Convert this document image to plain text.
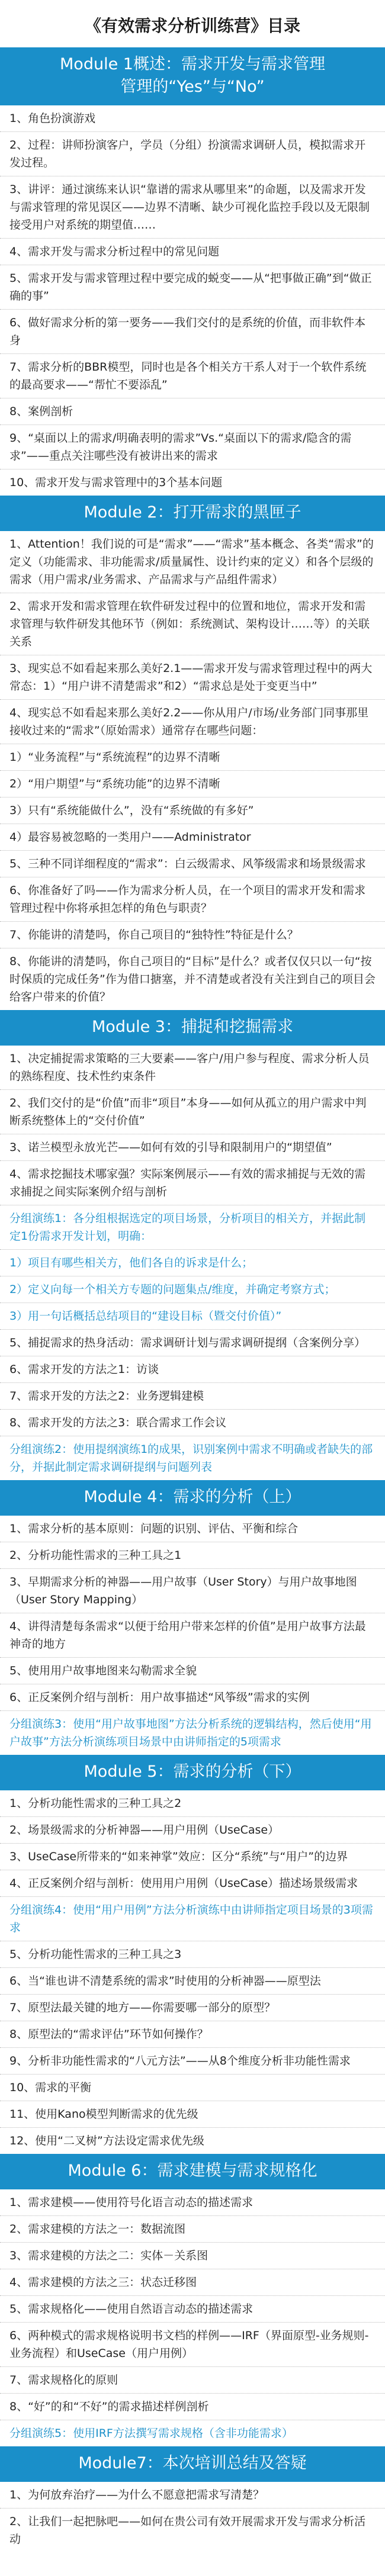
《有效需求分析训练营》目录
Module 1概述：需求开发与需求管理
管理的“Yes”与“No”
1、角色扮演游戏
2、过程：讲师扮演客户，学员（分组）扮演需求调研人员，模拟需求开发过程。
3、讲评：通过演练来认识“靠谱的需求从哪里来”的命题，以及需求开发与需求管理的常见误区——边界不清晰、缺少可视化监控手段以及无限制接受用户对系统的期望值……
4、需求开发与需求分析过程中的常见问题
5、需求开发与需求管理过程中要完成的蜕变——从“把事做正确”到“做正确的事”
6、做好需求分析的第一要务——我们交付的是系统的价值，而非软件本身
7、需求分析的BBR模型，同时也是各个相关方干系人对于一个软件系统的最高要求——“帮忙不要添乱”
8、案例剖析
9、“桌面以上的需求/明确表明的需求”Vs.“桌面以下的需求/隐含的需求”——重点关注哪些没有被讲出来的需求
10、需求开发与需求管理中的3个基本问题
Module 2：打开需求的黑匣子
1、Attention！我们说的可是“需求”——“需求”基本概念、各类“需求”的定义（功能需求、非功能需求/质量属性、设计约束的定义）和各个层级的需求（用户需求/业务需求、产品需求与产品组件需求）
2、需求开发和需求管理在软件研发过程中的位置和地位，需求开发和需求管理与软件研发其他环节（例如：系统测试、架构设计……等）的关联关系
3、现实总不如看起来那么美好2.1——需求开发与需求管理过程中的两大常态：1）“用户讲不清楚需求”和2）“需求总是处于变更当中”
4、现实总不如看起来那么美好2.2——你从用户/市场/业务部门同事那里接收过来的“需求”（原始需求）通常存在哪些问题：
1）“业务流程”与“系统流程”的边界不清晰
2）“用户期望”与“系统功能”的边界不清晰
3）只有“系统能做什么”，没有“系统做的有多好”
4）最容易被忽略的一类用户——Administrator
5、三种不同详细程度的“需求”：白云级需求、风筝级需求和场景级需求
6、你准备好了吗——作为需求分析人员，在一个项目的需求开发和需求管理过程中你将承担怎样的角色与职责？
7、你能讲的清楚吗，你自己项目的“独特性”特征是什么？
8、你能讲的清楚吗，你自己项目的“目标”是什么？或者仅仅只以一句“按时保质的完成任务”作为借口搪塞，并不清楚或者没有关注到自己的项目会给客户带来的价值？
Module 3：捕捉和挖掘需求
1、决定捕捉需求策略的三大要素——客户/用户参与程度、需求分析人员的熟练程度、技术性约束条件
2、我们交付的是“价值”而非“项目”本身——如何从孤立的用户需求中判断系统整体上的“交付价值”
3、诺兰模型永放光芒——如何有效的引导和限制用户的“期望值”
4、需求挖掘技术哪家强？实际案例展示——有效的需求捕捉与无效的需求捕捉之间实际案例介绍与剖析
分组演练1：各分组根据选定的项目场景，分析项目的相关方，并据此制定1份需求开发计划，明确：
1）项目有哪些相关方，他们各自的诉求是什么；
2）定义向每一个相关方专题的问题集点/维度，并确定考察方式；
3）用一句话概括总结项目的“建设目标（暨交付价值）”
5、捕捉需求的热身活动：需求调研计划与需求调研提纲（含案例分享）
6、需求开发的方法之1：访谈
7、需求开发的方法之2：业务逻辑建模
8、需求开发的方法之3：联合需求工作会议
分组演练2：使用提纲演练1的成果，识别案例中需求不明确或者缺失的部分，并据此制定需求调研提纲与问题列表
Module 4：需求的分析（上）
1、需求分析的基本原则：问题的识别、评估、平衡和综合
2、分析功能性需求的三种工具之1
3、早期需求分析的神器——用户故事（User Story）与用户故事地图（User Story Mapping）
4、讲得清楚每条需求“以便于给用户带来怎样的价值”是用户故事方法最神奇的地方
5、使用用户故事地图来勾勒需求全貌
6、正反案例介绍与剖析：用户故事描述“风筝级”需求的实例
分组演练3：使用“用户故事地图”方法分析系统的逻辑结构，然后使用“用户故事”方法分析演练项目场景中由讲师指定的5项需求
Module 5：需求的分析（下）
1、分析功能性需求的三种工具之2
2、场景级需求的分析神器——用户用例（UseCase）
3、UseCase所带来的“如来神掌”效应：区分“系统”与“用户”的边界
4、正反案例介绍与剖析：使用用户用例（UseCase）描述场景级需求
分组演练4：使用“用户用例”方法分析演练中由讲师指定项目场景的3项需求
5、分析功能性需求的三种工具之3
6、当“谁也讲不清楚系统的需求”时使用的分析神器——原型法
7、原型法最关键的地方——你需要哪一部分的原型？
8、原型法的“需求评估”环节如何操作？
9、分析非功能性需求的“八元方法”——从8个维度分析非功能性需求
10、需求的平衡
11、使用Kano模型判断需求的优先级
12、使用“二叉树”方法设定需求优先级
Module 6：需求建模与需求规格化
1、需求建模——使用符号化语言动态的描述需求
2、需求建模的方法之一：数据流图
3、需求建模的方法之二：实体－关系图
4、需求建模的方法之三：状态迁移图
5、需求规格化——使用自然语言动态的描述需求
6、两种模式的需求规格说明书文档的样例——IRF（界面原型-业务规则-业务流程）和UseCase（用户用例）
7、需求规格化的原则
8、“好”的和“不好”的需求描述样例剖析
分组演练5：使用IRF方法撰写需求规格（含非功能需求）
Module7：本次培训总结及答疑
1、为何放弃治疗——为什么不愿意把需求写清楚？
2、让我们一起把脉吧——如何在贵公司有效开展需求开发与需求分析活动
